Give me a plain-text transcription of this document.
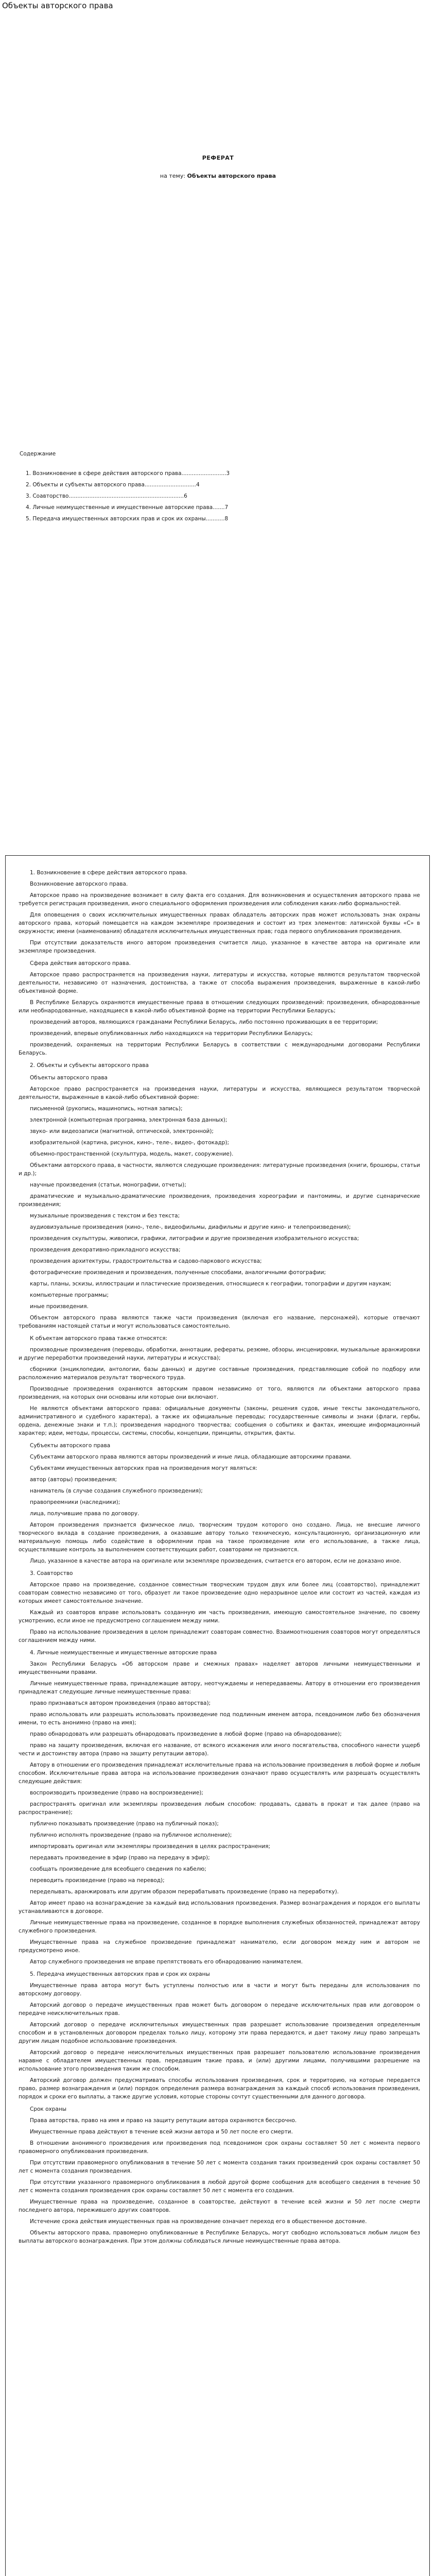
Объекты авторского права
РЕФЕРАТ
на тему: Объекты авторского права
Содержание
1. Возникновение в сфере действия авторского права..........................3
2. Объекты и субъекты авторского права..............................4
3. Соавторство...................................................................6
4. Личные неимущественные и имущественные авторские права.......7
5. Передача имущественных авторских прав и срок их охраны...........8
1. Возникновение в сфере действия авторского права.

Возникновение авторского права.

Авторское право на произведение возникает в силу факта его создания. Для возникновения и осуществления авторского права не требуется регистрация произведения, иного специального оформления произведения или соблюдения каких-либо формальностей.

Для оповещения о своих исключительных имущественных правах обладатель авторских прав может использовать знак охраны авторского права, который помещается на каждом экземпляре произведения и состоит из трех элементов: латинской буквы «С» в окружности; имени (наименования) обладателя исключительных имущественных прав; года первого опубликования произведения.

При отсутствии доказательств иного автором произведения считается лицо, указанное в качестве автора на оригинале или экземпляре произведения.

Сфера действия авторского права.

Авторское право распространяется на произведения науки, литературы и искусства, которые являются результатом творческой деятельности, независимо от назначения, достоинства, а также от способа выражения произведения, выраженные в какой-либо объективной форме.

В Республике Беларусь охраняются имущественные права в отношении следующих произведений: произведения, обнародованные или необнародованные, находящиеся в какой-либо объективной форме на территории Республики Беларусь;

произведений авторов, являющихся гражданами Республики Беларусь, либо постоянно проживающих в ее территории;

произведений, впервые опубликованных либо находящихся на территории Республики Беларусь;

произведений, охраняемых на территории Республики Беларусь в соответствии с международными договорами Республики Беларусь.

2. Объекты и субъекты авторского права
Объекты авторского права

Авторское право распространяется на произведения науки, литературы и искусства, являющиеся результатом творческой деятельности, выраженные в какой-либо объективной форме:

письменной (рукопись, машинопись, нотная запись);

электронной (компьютерная программа, электронная база данных);

звуко- или видеозаписи (магнитной, оптической, электронной);

изобразительной (картина, рисунок, кино-, теле-, видео-, фотокадр);

объемно-пространственной (скульптура, модель, макет, сооружение).

Объектами авторского права, в частности, являются следующие произведения: литературные произведения (книги, брошюры, статьи и др.);

научные произведения (статьи, монографии, отчеты);

драматические и музыкально-драматические произведения, произведения хореографии и пантомимы, и другие сценарические произведения;

музыкальные произведения с текстом и без текста;

аудиовизуальные произведения (кино-, теле-, видеофильмы, диафильмы и другие кино- и телепроизведения);

произведения скульптуры, живописи, графики, литографии и другие произведения изобразительного искусства;

произведения декоративно-прикладного искусства;

произведения архитектуры, градостроительства и садово-паркового искусства;

фотографические произведения и произведения, полученные способами, аналогичными фотографии;

карты, планы, эскизы, иллюстрации и пластические произведения, относящиеся к географии, топографии и другим наукам;

компьютерные программы;

иные произведения.

Объектом авторского права являются также части произведения (включая его название, персонажей), которые отвечают требованиям настоящей статьи и могут использоваться самостоятельно.

К объектам авторского права также относятся:

производные произведения (переводы, обработки, аннотации, рефераты, резюме, обзоры, инсценировки, музыкальные аранжировки и другие переработки произведений науки, литературы и искусства);

сборники (энциклопедии, антологии, базы данных) и другие составные произведения, представляющие собой по подбору или расположению материалов результат творческого труда.

Производные произведения охраняются авторским правом независимо от того, являются ли объектами авторского права произведения, на которых они основаны или которые они включают.

Не являются объектами авторского права: официальные документы (законы, решения судов, иные тексты законодательного, административного и судебного характера), а также их официальные переводы; государственные символы и знаки (флаги, гербы, ордена, денежные знаки и т.п.); произведения народного творчества; сообщения о событиях и фактах, имеющие информационный характер; идеи, методы, процессы, системы, способы, концепции, принципы, открытия, факты.

Субъекты авторского права

Субъектами авторского права являются авторы произведений и иные лица, обладающие авторскими правами.

Субъектами имущественных авторских прав на произведения могут являться:

автор (авторы) произведения;

наниматель (в случае создания служебного произведения);

правопреемники (наследники);

лица, получившие права по договору.

Автором произведения признается физическое лицо, творческим трудом которого оно создано. Лица, не внесшие личного творческого вклада в создание произведения, а оказавшие автору только техническую, консультационную, организационную или материальную помощь либо содействие в оформлении прав на такое произведение или его использование, а также лица, осуществлявшие контроль за выполнением соответствующих работ, соавторами не признаются.

Лицо, указанное в качестве автора на оригинале или экземпляре произведения, считается его автором, если не доказано иное.

3. Соавторство

Авторское право на произведение, созданное совместным творческим трудом двух или более лиц (соавторство), принадлежит соавторам совместно независимо от того, образует ли такое произведение одно неразрывное целое или состоит из частей, каждая из которых имеет самостоятельное значение.

Каждый из соавторов вправе использовать созданную им часть произведения, имеющую самостоятельное значение, по своему усмотрению, если иное не предусмотрено соглашением между ними.

Право на использование произведения в целом принадлежит соавторам совместно. Взаимоотношения соавторов могут определяться соглашением между ними.

4. Личные неимущественные и имущественные авторские права

Закон Республики Беларусь «Об авторском праве и смежных правах» наделяет авторов личными неимущественными и имущественными правами.

Личные неимущественные права, принадлежащие автору, неотчуждаемы и непередаваемы. Автору в отношении его произведения принадлежат следующие личные неимущественные права:

право признаваться автором произведения (право авторства);

право использовать или разрешать использовать произведение под подлинным именем автора, псевдонимом либо без обозначения имени, то есть анонимно (право на имя);

право обнародовать или разрешать обнародовать произведение в любой форме (право на обнародование);

право на защиту произведения, включая его название, от всякого искажения или иного посягательства, способного нанести ущерб чести и достоинству автора (право на защиту репутации автора).

Автору в отношении его произведения принадлежат исключительные права на использование произведения в любой форме и любым способом. Исключительные права автора на использование произведения означают право осуществлять или разрешать осуществлять следующие действия:

воспроизводить произведение (право на воспроизведение);

распространять оригинал или экземпляры произведения любым способом: продавать, сдавать в прокат и так далее (право на распространение);

публично показывать произведение (право на публичный показ);

публично исполнять произведение (право на публичное исполнение);

импортировать оригинал или экземпляры произведения в целях распространения;

передавать произведение в эфир (право на передачу в эфир);

сообщать произведение для всеобщего сведения по кабелю;

переводить произведение (право на перевод);

переделывать, аранжировать или другим образом перерабатывать произведение (право на переработку).

Автор имеет право на вознаграждение за каждый вид использования произведения. Размер вознаграждения и порядок его выплаты устанавливаются в договоре.

Личные неимущественные права на произведение, созданное в порядке выполнения служебных обязанностей, принадлежат автору служебного произведения.

Имущественные права на служебное произведение принадлежат нанимателю, если договором между ним и автором не предусмотрено иное.

Автор служебного произведения не вправе препятствовать его обнародованию нанимателем.

5. Передача имущественных авторских прав и срок их охраны

Имущественные права автора могут быть уступлены полностью или в части и могут быть переданы для использования по авторскому договору.

Авторский договор о передаче имущественных прав может быть договором о передаче исключительных прав или договором о передаче неисключительных прав.

Авторский договор о передаче исключительных имущественных прав разрешает использование произведения определенным способом и в установленных договором пределах только лицу, которому эти права передаются, и дает такому лицу право запрещать другим лицам подобное использование произведения.

Авторский договор о передаче неисключительных имущественных прав разрешает пользователю использование произведения наравне с обладателем имущественных прав, передавшим такие права, и (или) другими лицами, получившими разрешение на использование этого произведения таким же способом.

Авторский договор должен предусматривать способы использования произведения, срок и территорию, на которые передается право, размер вознаграждения и (или) порядок определения размера вознаграждения за каждый способ использования произведения, порядок и сроки его выплаты, а также другие условия, которые стороны сочтут существенными для данного договора.

Срок охраны

Права авторства, право на имя и право на защиту репутации автора охраняются бессрочно.

Имущественные права действуют в течение всей жизни автора и 50 лет после его смерти.

В отношении анонимного произведения или произведения под псевдонимом срок охраны составляет 50 лет с момента первого правомерного опубликования произведения.

При отсутствии правомерного опубликования в течение 50 лет с момента создания таких произведений срок охраны составляет 50 лет с момента создания произведения.

При отсутствии указанного правомерного опубликования в любой другой форме сообщения для всеобщего сведения в течение 50 лет с момента создания произведения срок охраны составляет 50 лет с момента его создания.

Имущественные права на произведение, созданное в соавторстве, действуют в течение всей жизни и 50 лет после смерти последнего автора, пережившего других соавторов.

Истечение срока действия имущественных прав на произведение означает переход его в общественное достояние.

Объекты авторского права, правомерно опубликованные в Республике Беларусь, могут свободно использоваться любым лицом без выплаты авторского вознаграждения. При этом должны соблюдаться личные неимущественные права автора.
